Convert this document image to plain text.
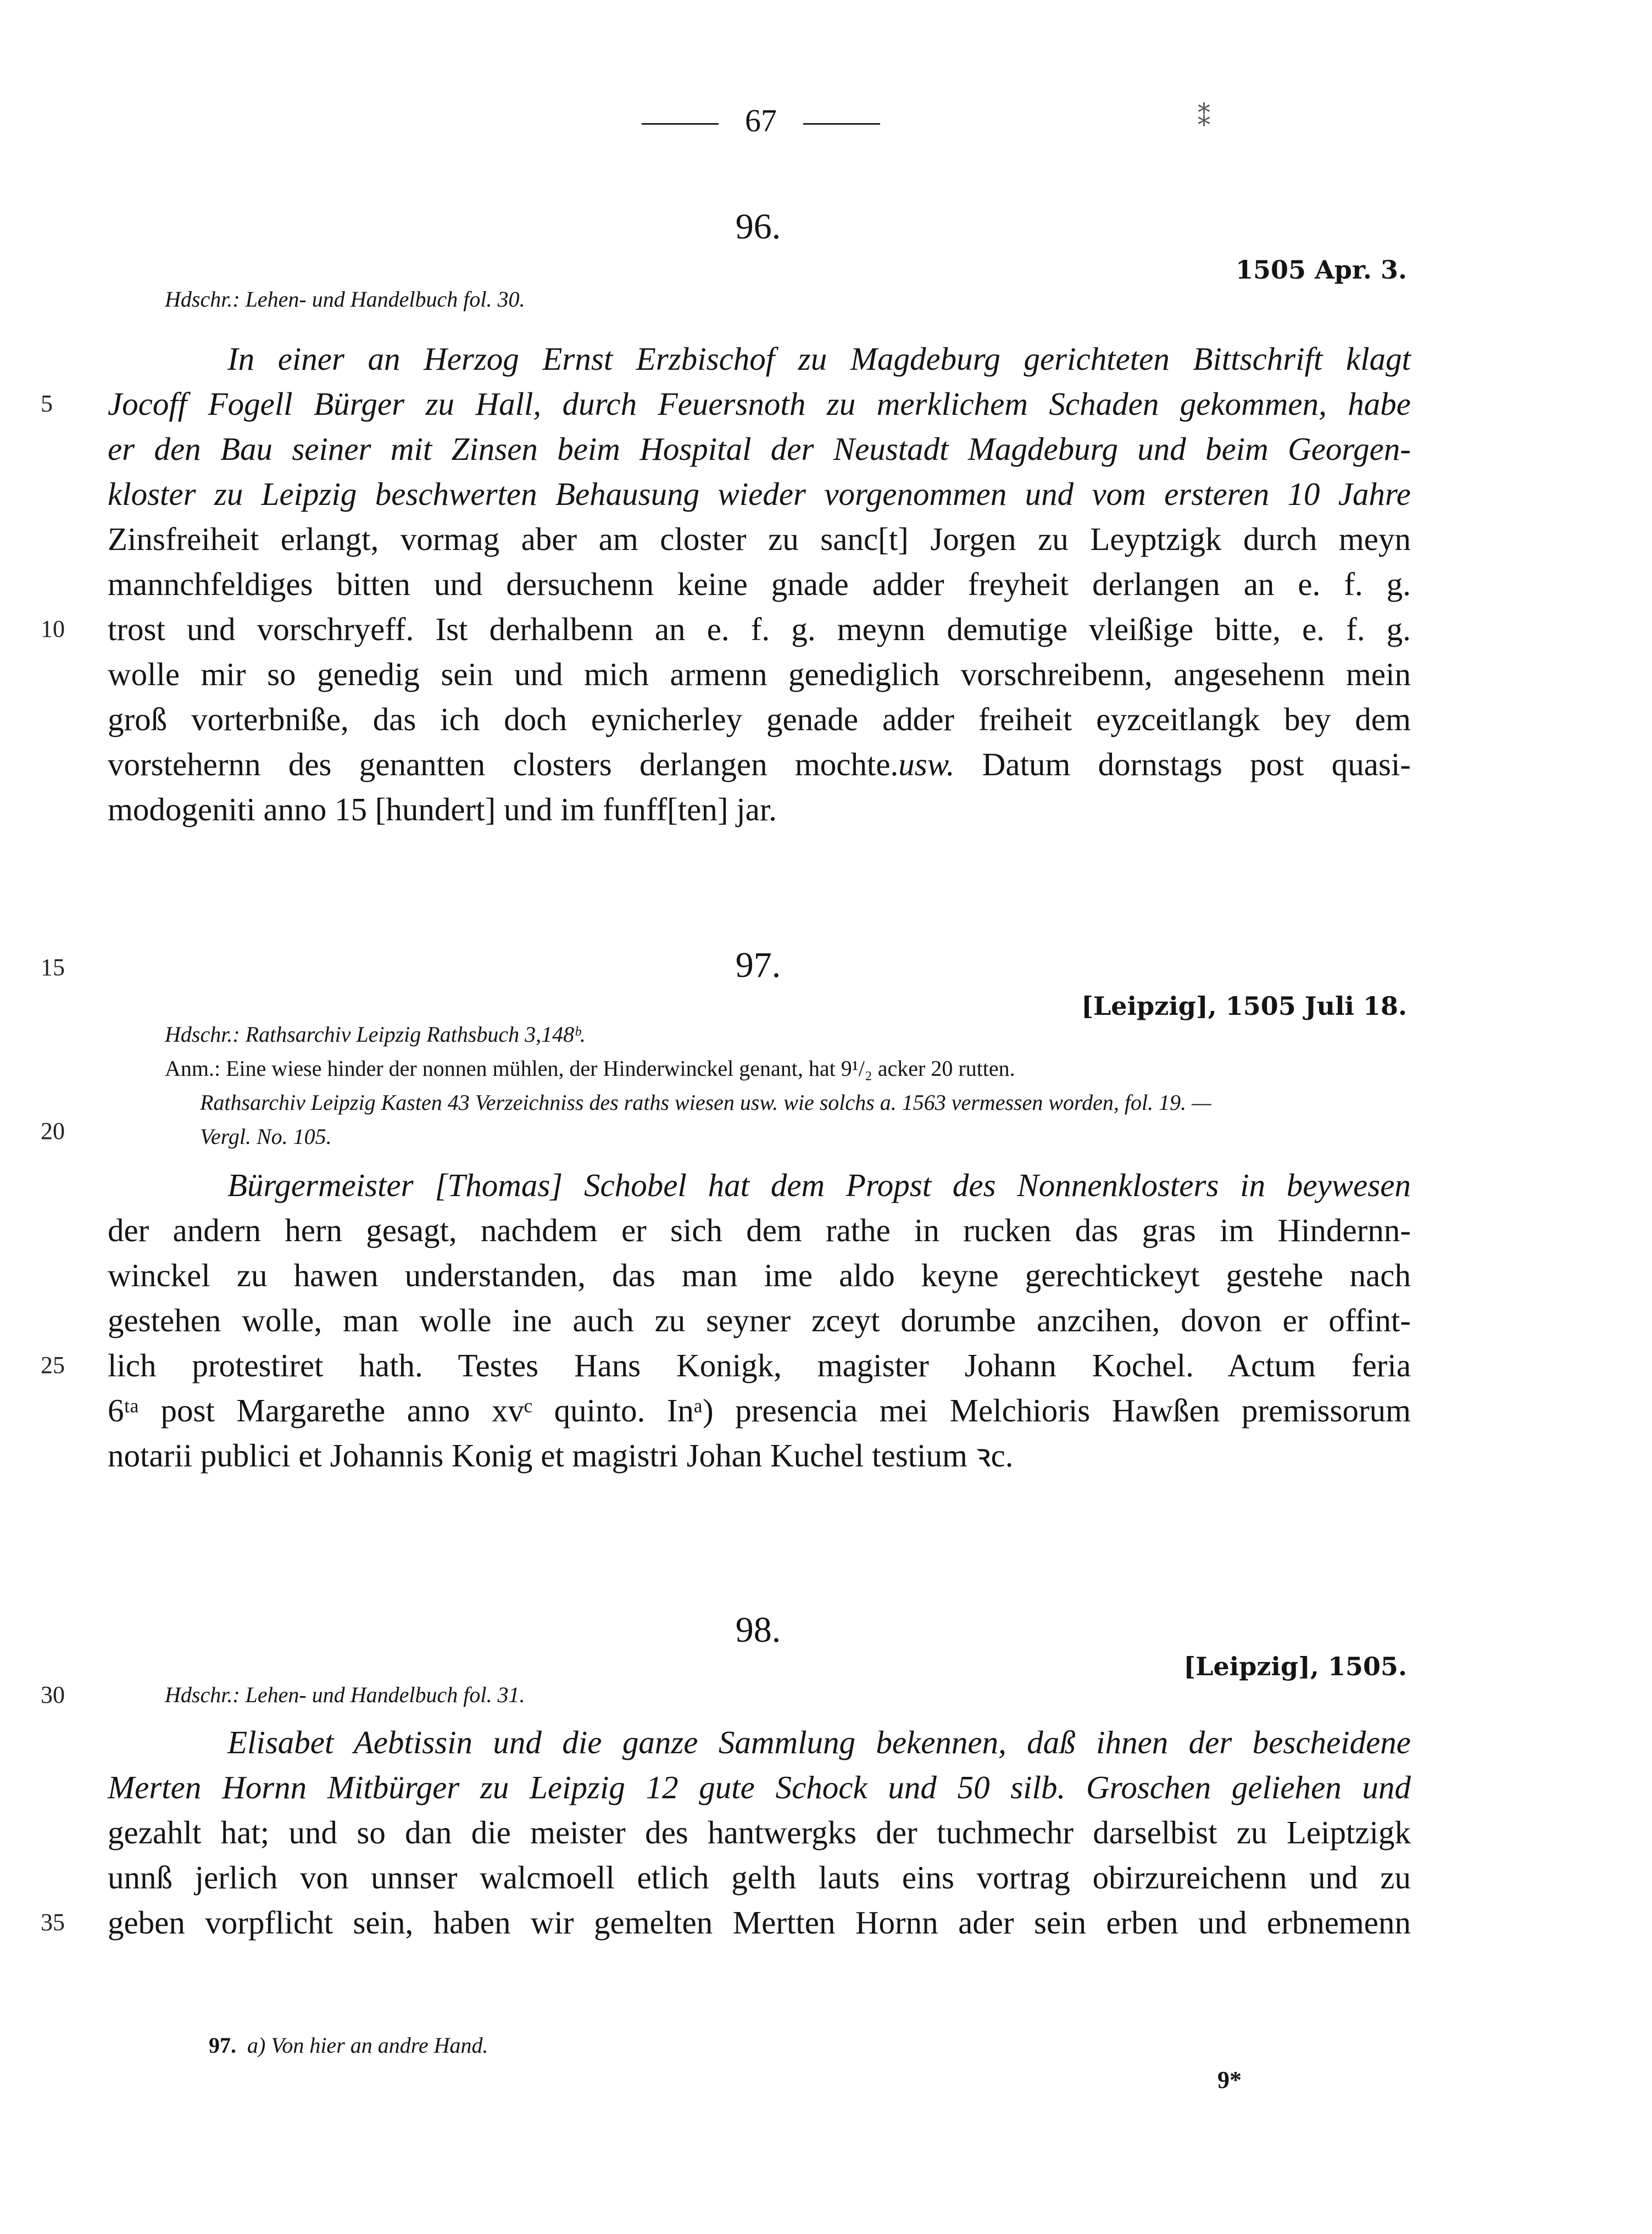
67	⁑
96.
1505 Apr. 3.
Hdschr.: Lehen- und Handelbuch fol. 30.
5
10
In einer an Herzog Ernst Erzbischof zu Magdeburg gerichteten Bittschrift klagt
Jocoff Fogell Bürger zu Hall, durch Feuersnoth zu merklichem Schaden gekommen, habe
er den Bau seiner mit Zinsen beim Hospital der Neustadt Magdeburg und beim Georgen-
kloster zu Leipzig beschwerten Behausung wieder vorgenommen und vom ersteren 10 Jahre
Zinsfreiheit erlangt, vormag aber am closter zu sanc[t] Jorgen zu Leyptzigk durch meyn
mannchfeldiges bitten und dersuchenn keine gnade adder freyheit derlangen an e. f. g.
trost und vorschryeff. Ist derhalbenn an e. f. g. meynn demutige vleißige bitte, e. f. g.
wolle mir so genedig sein und mich armenn genediglich vorschreibenn, angesehenn mein
groß vorterbniße, das ich doch eynicherley genade adder freiheit eyzceitlangk bey dem
vorstehernn des genantten closters derlangen mochte.usw. Datum dornstags post quasi-
modogeniti anno 15 [hundert] und im funff[ten] jar.
15	97.
[Leipzig], 1505 Juli 18.
Hdschr.: Rathsarchiv Leipzig Rathsbuch 3,148ᵇ.
Anm.: Eine wiese hinder der nonnen mühlen, der Hinderwinckel genant, hat 9¹/₂ acker 20 rutten.
Rathsarchiv Leipzig Kasten 43 Verzeichniss des raths wiesen usw. wie solchs a. 1563 vermessen worden, fol. 19. —
Vergl. No. 105.
20
25
Bürgermeister [Thomas] Schobel hat dem Propst des Nonnenklosters in beywesen
der andern hern gesagt, nachdem er sich dem rathe in rucken das gras im Hindernn-
winckel zu hawen understanden, das man ime aldo keyne gerechtickeyt gestehe nach
gestehen wolle, man wolle ine auch zu seyner zceyt dorumbe anzcihen, dovon er offint-
lich protestiret hath. Testes Hans Konigk, magister Johann Kochel. Actum feria
6ᵗᵃ post Margarethe anno xvᶜ quinto. Inᵃ) presencia mei Melchioris Hawßen premissorum
notarii publici et Johannis Konig et magistri Johan Kuchel testium ꝛc.
98.
[Leipzig], 1505.
30	Hdschr.: Lehen- und Handelbuch fol. 31.
35
Elisabet Aebtissin und die ganze Sammlung bekennen, daß ihnen der bescheidene
Merten Hornn Mitbürger zu Leipzig 12 gute Schock und 50 silb. Groschen geliehen und
gezahlt hat; und so dan die meister des hantwergks der tuchmechr darselbist zu Leiptzigk
unnß jerlich von unnser walcmoell etlich gelth lauts eins vortrag obirzureichenn und zu
geben vorpflicht sein, haben wir gemelten Mertten Hornn ader sein erben und erbnemenn
97. a) Von hier an andre Hand.
9*
